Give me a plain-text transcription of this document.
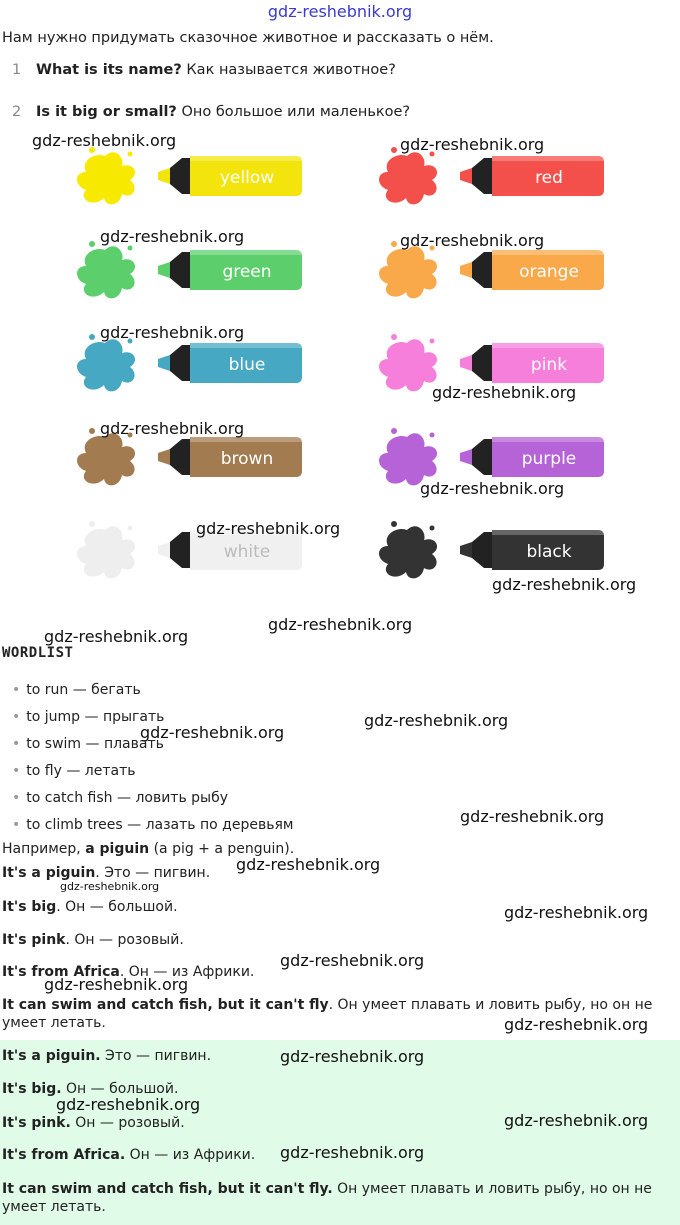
gdz-reshebnik.org
Нам нужно придумать сказочное животное и рассказать о нём.
1 What is its name? Как называется животное?
2 Is it big or small? Оно большое или маленькое?
yellow	red
green	orange
blue	pink
brown	purple
white	black
gdz-reshebnik.org	gdz-reshebnik.org
gdz-reshebnik.org	gdz-reshebnik.org
gdz-reshebnik.org
gdz-reshebnik.org
gdz-reshebnik.org
gdz-reshebnik.org
gdz-reshebnik.org
gdz-reshebnik.org
gdz-reshebnik.org
gdz-reshebnik.org
WORDLIST
• to run — бегать
• to jump — прыгать
• to swim — плавать
• to fly — летать
• to catch fish — ловить рыбу
• to climb trees — лазать по деревьям
gdz-reshebnik.org
gdz-reshebnik.org
gdz-reshebnik.org
Например, a piguin (a pig + a penguin).
It's a piguin. Это — пигвин.
It's big. Он — большой.
It's pink. Он — розовый.
It's from Africa. Он — из Африки.
It can swim and catch fish, but it can't fly. Он умеет плавать и ловить рыбу, но он не умеет летать.
gdz-reshebnik.org
gdz-reshebnik.org
gdz-reshebnik.org
gdz-reshebnik.org
gdz-reshebnik.org
gdz-reshebnik.org
It's a piguin. Это — пигвин.
It's big. Он — большой.
It's pink. Он — розовый.
It's from Africa. Он — из Африки.
It can swim and catch fish, but it can't fly. Он умеет плавать и ловить рыбу, но он не умеет летать.
gdz-reshebnik.org
gdz-reshebnik.org
gdz-reshebnik.org
gdz-reshebnik.org
